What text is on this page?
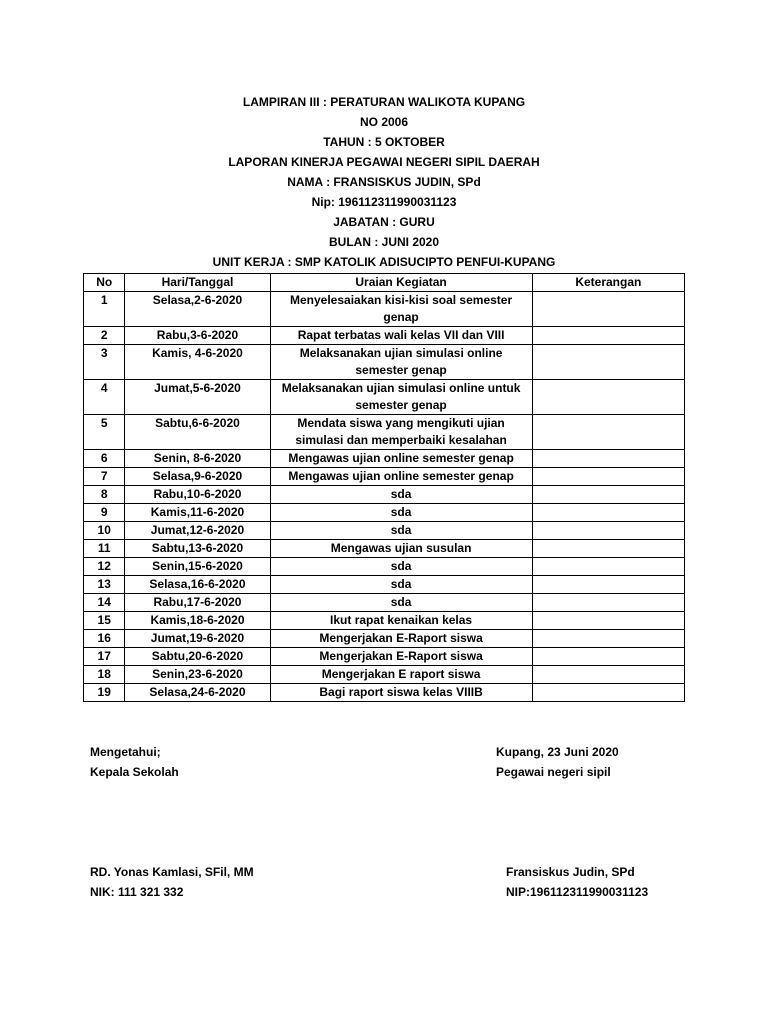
LAMPIRAN III : PERATURAN WALIKOTA KUPANG
NO 2006
TAHUN : 5 OKTOBER
LAPORAN KINERJA PEGAWAI NEGERI SIPIL DAERAH
NAMA : FRANSISKUS JUDIN, SPd
Nip: 196112311990031123
JABATAN : GURU
BULAN : JUNI 2020
UNIT KERJA : SMP KATOLIK ADISUCIPTO PENFUI-KUPANG
No	Hari/Tanggal	Uraian Kegiatan	Keterangan
1	Selasa,2-6-2020	Menyelesaiakan kisi-kisi soal semester genap	
2	Rabu,3-6-2020	Rapat terbatas wali kelas VII dan VIII	
3	Kamis, 4-6-2020	Melaksanakan ujian simulasi online semester genap	
4	Jumat,5-6-2020	Melaksanakan ujian simulasi online untuk semester genap	
5	Sabtu,6-6-2020	Mendata siswa yang mengikuti ujian simulasi dan memperbaiki kesalahan	
6	Senin, 8-6-2020	Mengawas ujian online semester genap	
7	Selasa,9-6-2020	Mengawas ujian online semester genap	
8	Rabu,10-6-2020	sda	
9	Kamis,11-6-2020	sda	
10	Jumat,12-6-2020	sda	
11	Sabtu,13-6-2020	Mengawas ujian susulan	
12	Senin,15-6-2020	sda	
13	Selasa,16-6-2020	sda	
14	Rabu,17-6-2020	sda	
15	Kamis,18-6-2020	Ikut rapat kenaikan kelas	
16	Jumat,19-6-2020	Mengerjakan E-Raport siswa	
17	Sabtu,20-6-2020	Mengerjakan E-Raport siswa	
18	Senin,23-6-2020	Mengerjakan E raport siswa	
19	Selasa,24-6-2020	Bagi raport siswa kelas VIIIB	
Mengetahui;
Kepala Sekolah
Kupang, 23 Juni 2020
Pegawai negeri sipil
RD. Yonas Kamlasi, SFil, MM
NIK: 111 321 332
Fransiskus Judin, SPd
NIP:196112311990031123
